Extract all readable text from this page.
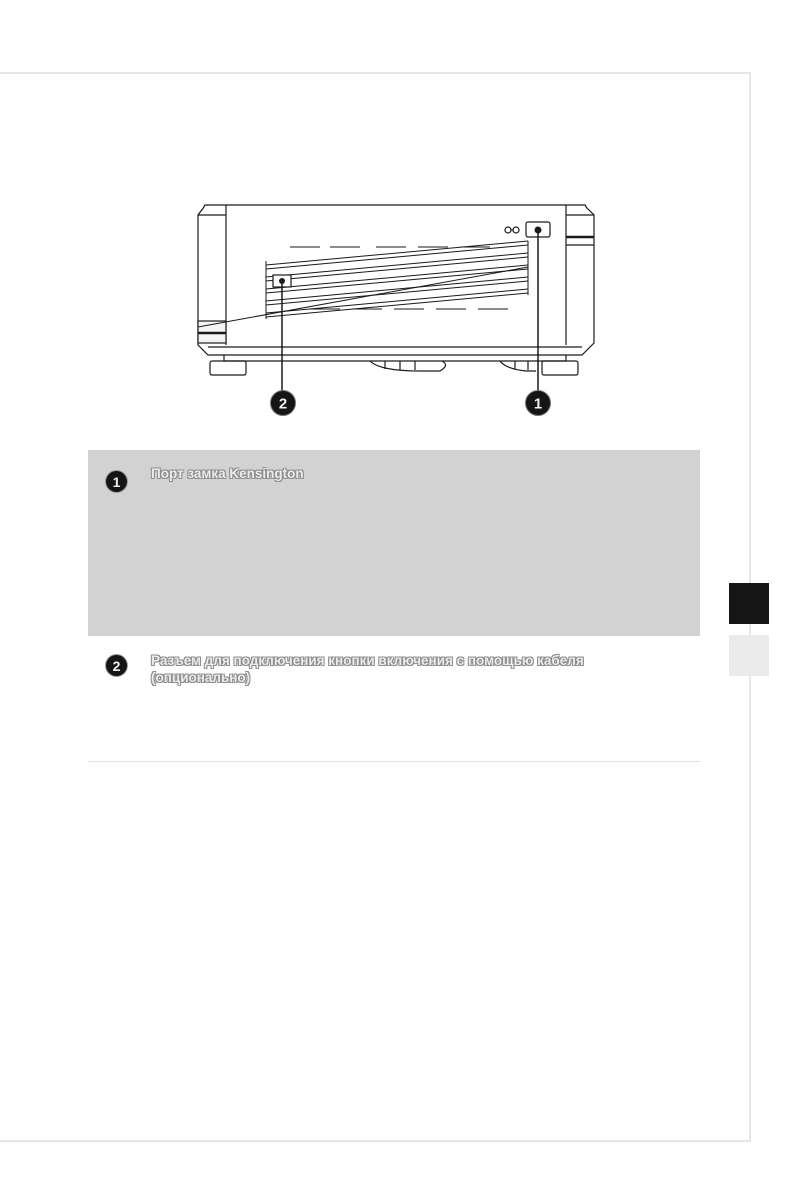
2	1
1	Порт замка Kensington
2	Разъем для подключения кнопки включения с помощью кабеля (опционально)
